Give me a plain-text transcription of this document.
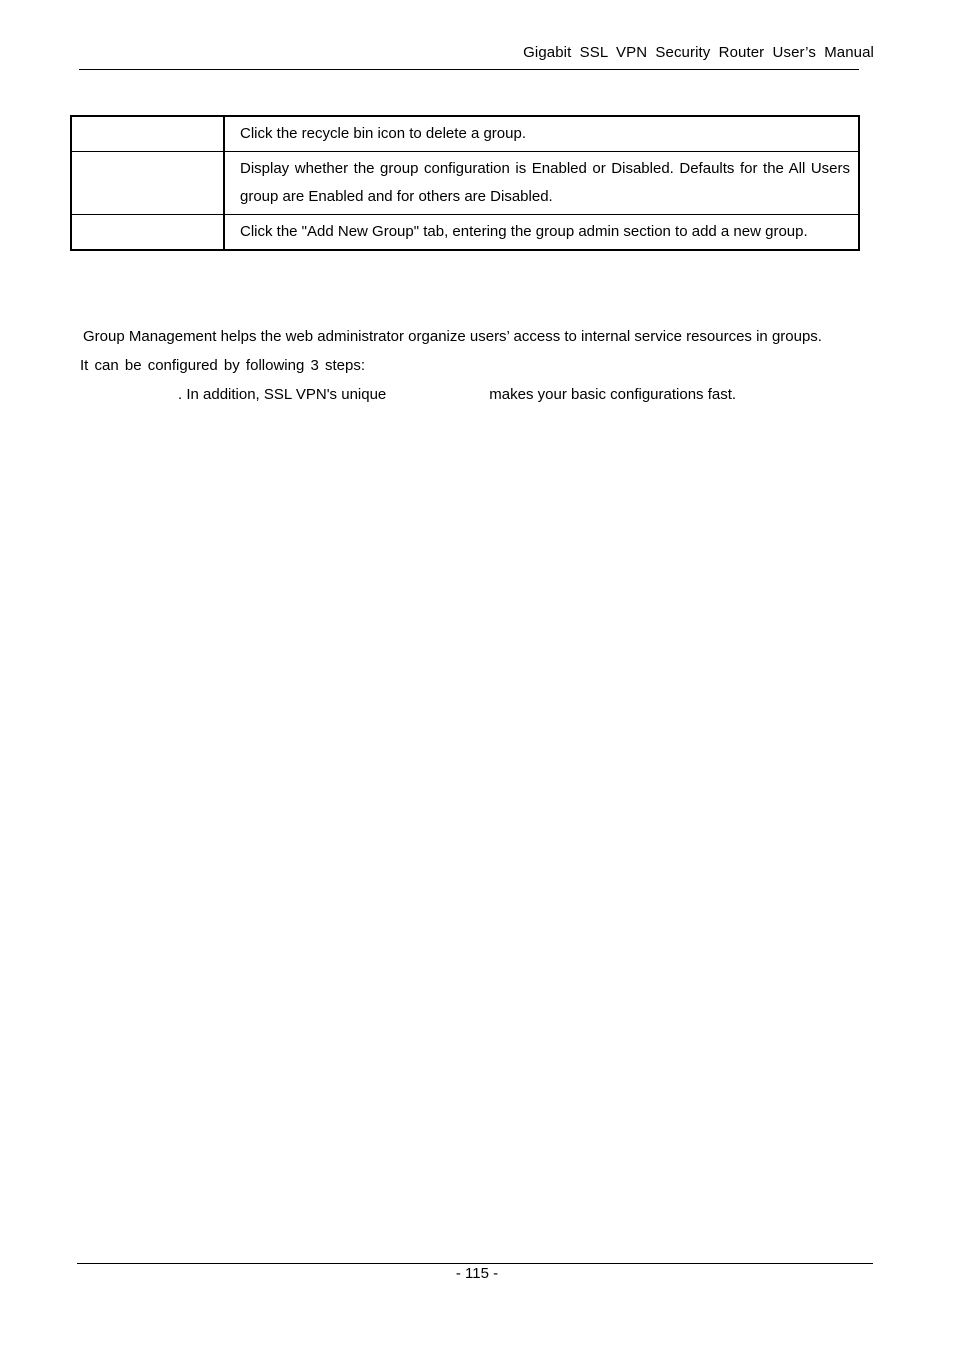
Gigabit SSL VPN Security Router User’s Manual
	Click the recycle bin icon to delete a group.
	Display whether the group configuration is Enabled or Disabled. Defaults for the All Users group are Enabled and for others are Disabled.
	Click the "Add New Group" tab, entering the group admin section to add a new group.

Group Management helps the web administrator organize users’ access to internal service resources in groups.

It can be configured by following 3 steps:

. In addition, SSL VPN's unique	makes your basic configurations fast.

- 115 -
